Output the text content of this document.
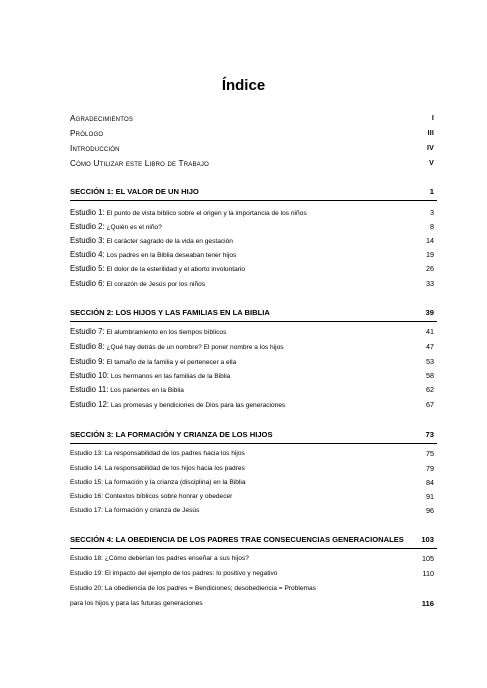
Índice
Agradecimientos	I
Prólogo	III
Introducción	IV
Cómo Utilizar este Libro de Trabajo	V
SECCIÓN 1: EL VALOR DE UN HIJO	1
Estudio 1: El punto de vista bíblico sobre el origen y la importancia de los niños	3
Estudio 2: ¿Quién es el niño?	8
Estudio 3: El carácter sagrado de la vida en gestación	14
Estudio 4: Los padres en la Biblia deseaban tener hijos	19
Estudio 5: El dolor de la esterilidad y el aborto involuntario	26
Estudio 6: El corazón de Jesús por los niños	33
SECCIÓN 2: LOS HIJOS Y LAS FAMILIAS EN LA BIBLIA	39
Estudio 7: El alumbramiento en los tiempos bíblicos	41
Estudio 8: ¿Qué hay detrás de un nombre? El poner nombre a los hijos	47
Estudio 9: El tamaño de la familia y el pertenecer a ella	53
Estudio 10: Los hermanos en las familias de la Biblia	58
Estudio 11: Los parientes en la Biblia	62
Estudio 12: Las promesas y bendiciones de Dios para las generaciones	67
SECCIÓN 3: LA FORMACIÓN Y CRIANZA DE LOS HIJOS	73
Estudio 13: La responsabilidad de los padres hacia los hijos	75
Estudio 14: La responsabilidad de los hijos hacia los padres	79
Estudio 15: La formación y la crianza (disciplina) en la Biblia	84
Estudio 16: Contextos bíblicos sobre honrar y obedecer	91
Estudio 17: La formación y crianza de Jesús	96
SECCIÓN 4: LA OBEDIENCIA DE LOS PADRES TRAE CONSECUENCIAS GENERACIONALES 103
Estudio 18: ¿Cómo deberían los padres enseñar a sus hijos?	105
Estudio 19: El impacto del ejemplo de los padres: lo positivo y negativo	110
Estudio 20: La obediencia de los padres = Bendiciones; desobediencia = Problemas
para los hijos y para las futuras generaciones	116
